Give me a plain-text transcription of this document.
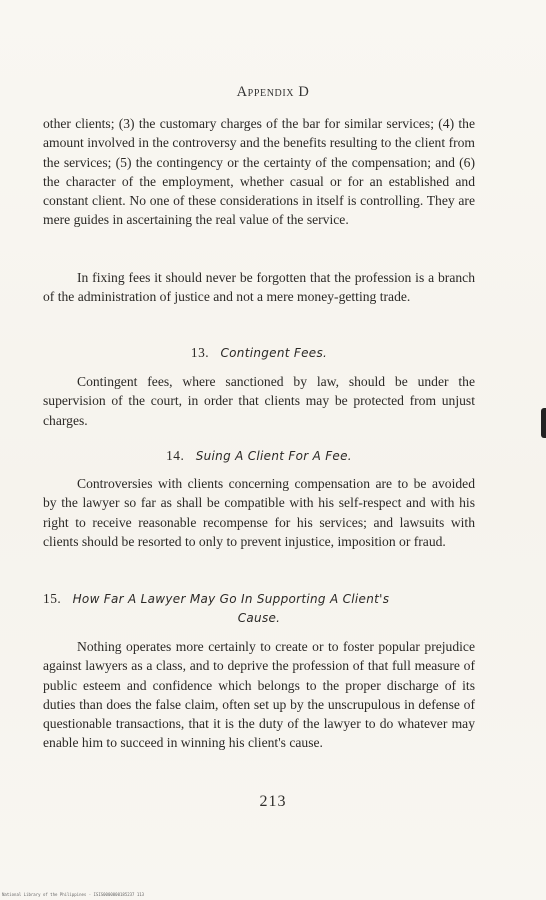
Appendix D

other clients; (3) the customary charges of the bar for similar services; (4) the amount involved in the controversy and the benefits resulting to the client from the services; (5) the contingency or the certainty of the compensation; and (6) the character of the employment, whether casual or for an established and constant client. No one of these considerations in itself is controlling. They are mere guides in ascertaining the real value of the service.

In fixing fees it should never be forgotten that the profession is a branch of the administration of justice and not a mere money-getting trade.

13. Contingent Fees.

Contingent fees, where sanctioned by law, should be under the supervision of the court, in order that clients may be protected from unjust charges.

14. Suing A Client For A Fee.

Controversies with clients concerning compensation are to be avoided by the lawyer so far as shall be compatible with his self-respect and with his right to receive reasonable recompense for his services; and lawsuits with clients should be resorted to only to prevent injustice, imposition or fraud.

15. How Far A Lawyer May Go In Supporting A Client's
Cause.

Nothing operates more certainly to create or to foster popular prejudice against lawyers as a class, and to deprive the profession of that full measure of public esteem and confidence which belongs to the proper discharge of its duties than does the false claim, often set up by the unscrupulous in defense of questionable transactions, that it is the duty of the lawyer to do whatever may enable him to succeed in winning his client's cause.

213
National Library of the Philippines · ISIS0000000185237 113
